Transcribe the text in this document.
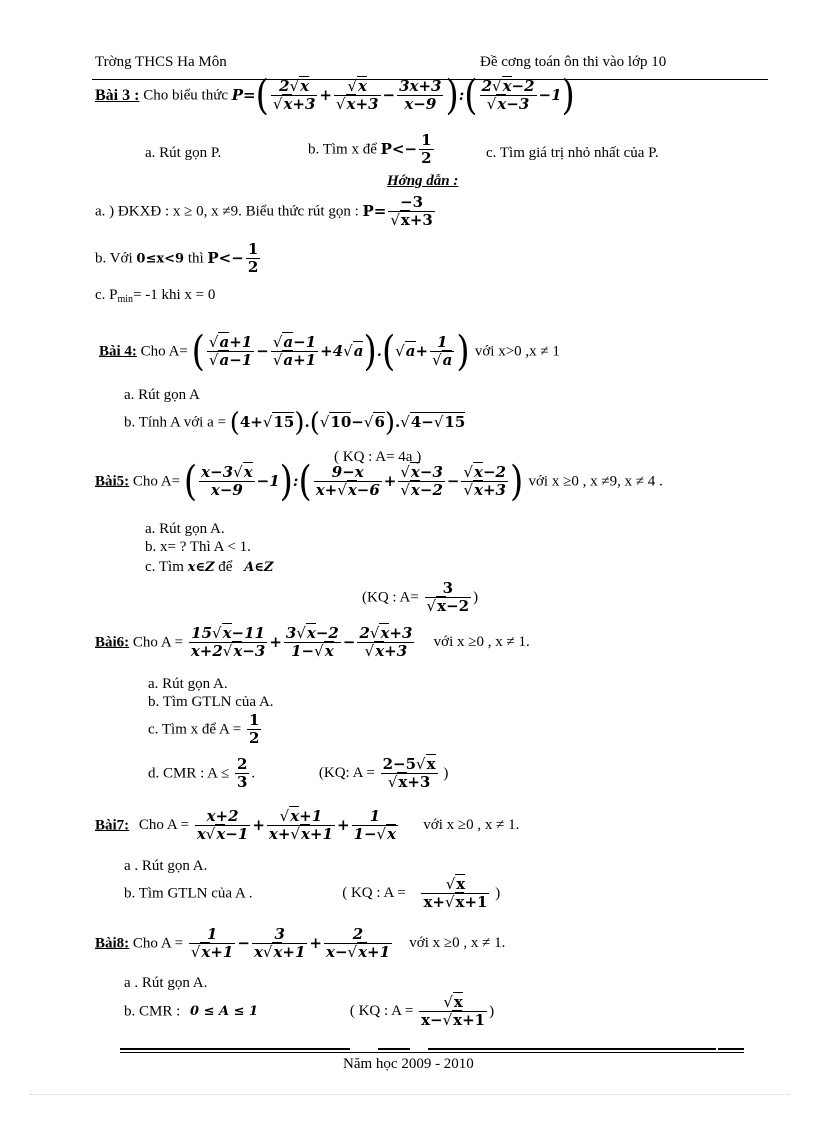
Trờng THCS Ha Môn	Đề cơng toán ôn thi vào lớp 10
Bài 3 : Cho biểu thức $P=( \frac{2√x}{√x+3} + \frac{√x}{√x+3} - \frac{3x+3}{x-9}$ ):( $\frac{2√x-2}{√x-3} -1$)
a. Rút gọn P.	b. Tìm x để $P<- \frac{1}{2}$	c. Tìm giá trị nhỏ nhất của P.
Hớng dẫn :
a. ) ĐKXĐ : x ≥ 0, x ≠9. Biểu thức rút gọn : $P= \frac{-3}{√x+3}$
b. Với 0≤x<9 thì $P<- \frac{1}{2}$
c. $P_{min}= -1$ khi x = 0
Bài 4: Cho A= ( $\frac{√a+1}{√a-1} - \frac{√a-1}{√a+1} +4√a).(√a+ \frac{1}{√a}$ ) với x>0 ,x ≠ 1
a. Rút gọn A
b. Tính A với a = (4+√15).(√10−√6).√4−√15
( KQ : A= 4a )
Bài5: Cho A= ( $\frac{x-3√x}{x-9}$ −1):( $\frac{9-x}{x+√x-6} + \frac{√x-3}{√x-2} - \frac{√x-2}{√x+3}$ ) với x ≥0 , x ≠9, x ≠ 4 .
a. Rút gọn A.
b. x= ? Thì A < 1.
c. Tìm x∈Z để A∈Z
(KQ : $A= \frac{3}{√x-2}$ )
Bài6: Cho $A = \frac{15√x-11}{x+2√x-3} + \frac{3√x-2}{1-√x} - \frac{2√x+3}{√x+3}$ với x ≥0 , x ≠ 1.
a. Rút gọn A.
b. Tìm GTLN của A.
c. Tìm x để $A = \frac{1}{2}$
d. CMR : $A \le \frac{2}{3}$ .	(KQ: $A = \frac{2-5√x}{√x+3}$ )
Bài7: Cho $A = \frac{x+2}{x√x-1} + \frac{√x+1}{x+√x+1} + \frac{1}{1-√x}$ với x ≥0 , x ≠ 1.
a . Rút gọn A.
b. Tìm GTLN của A .	( KQ : $A = \frac{√x}{x+√x+1}$ )
Bài8: Cho $A = \frac{1}{√x+1} - \frac{3}{x√x+1} + \frac{2}{x-√x+1}$ với x ≥0 , x ≠ 1.
a . Rút gọn A.
b. CMR : 0 ≤ A ≤ 1	( KQ : $A = \frac{√x}{x-√x+1}$ )
Năm học 2009 - 2010
